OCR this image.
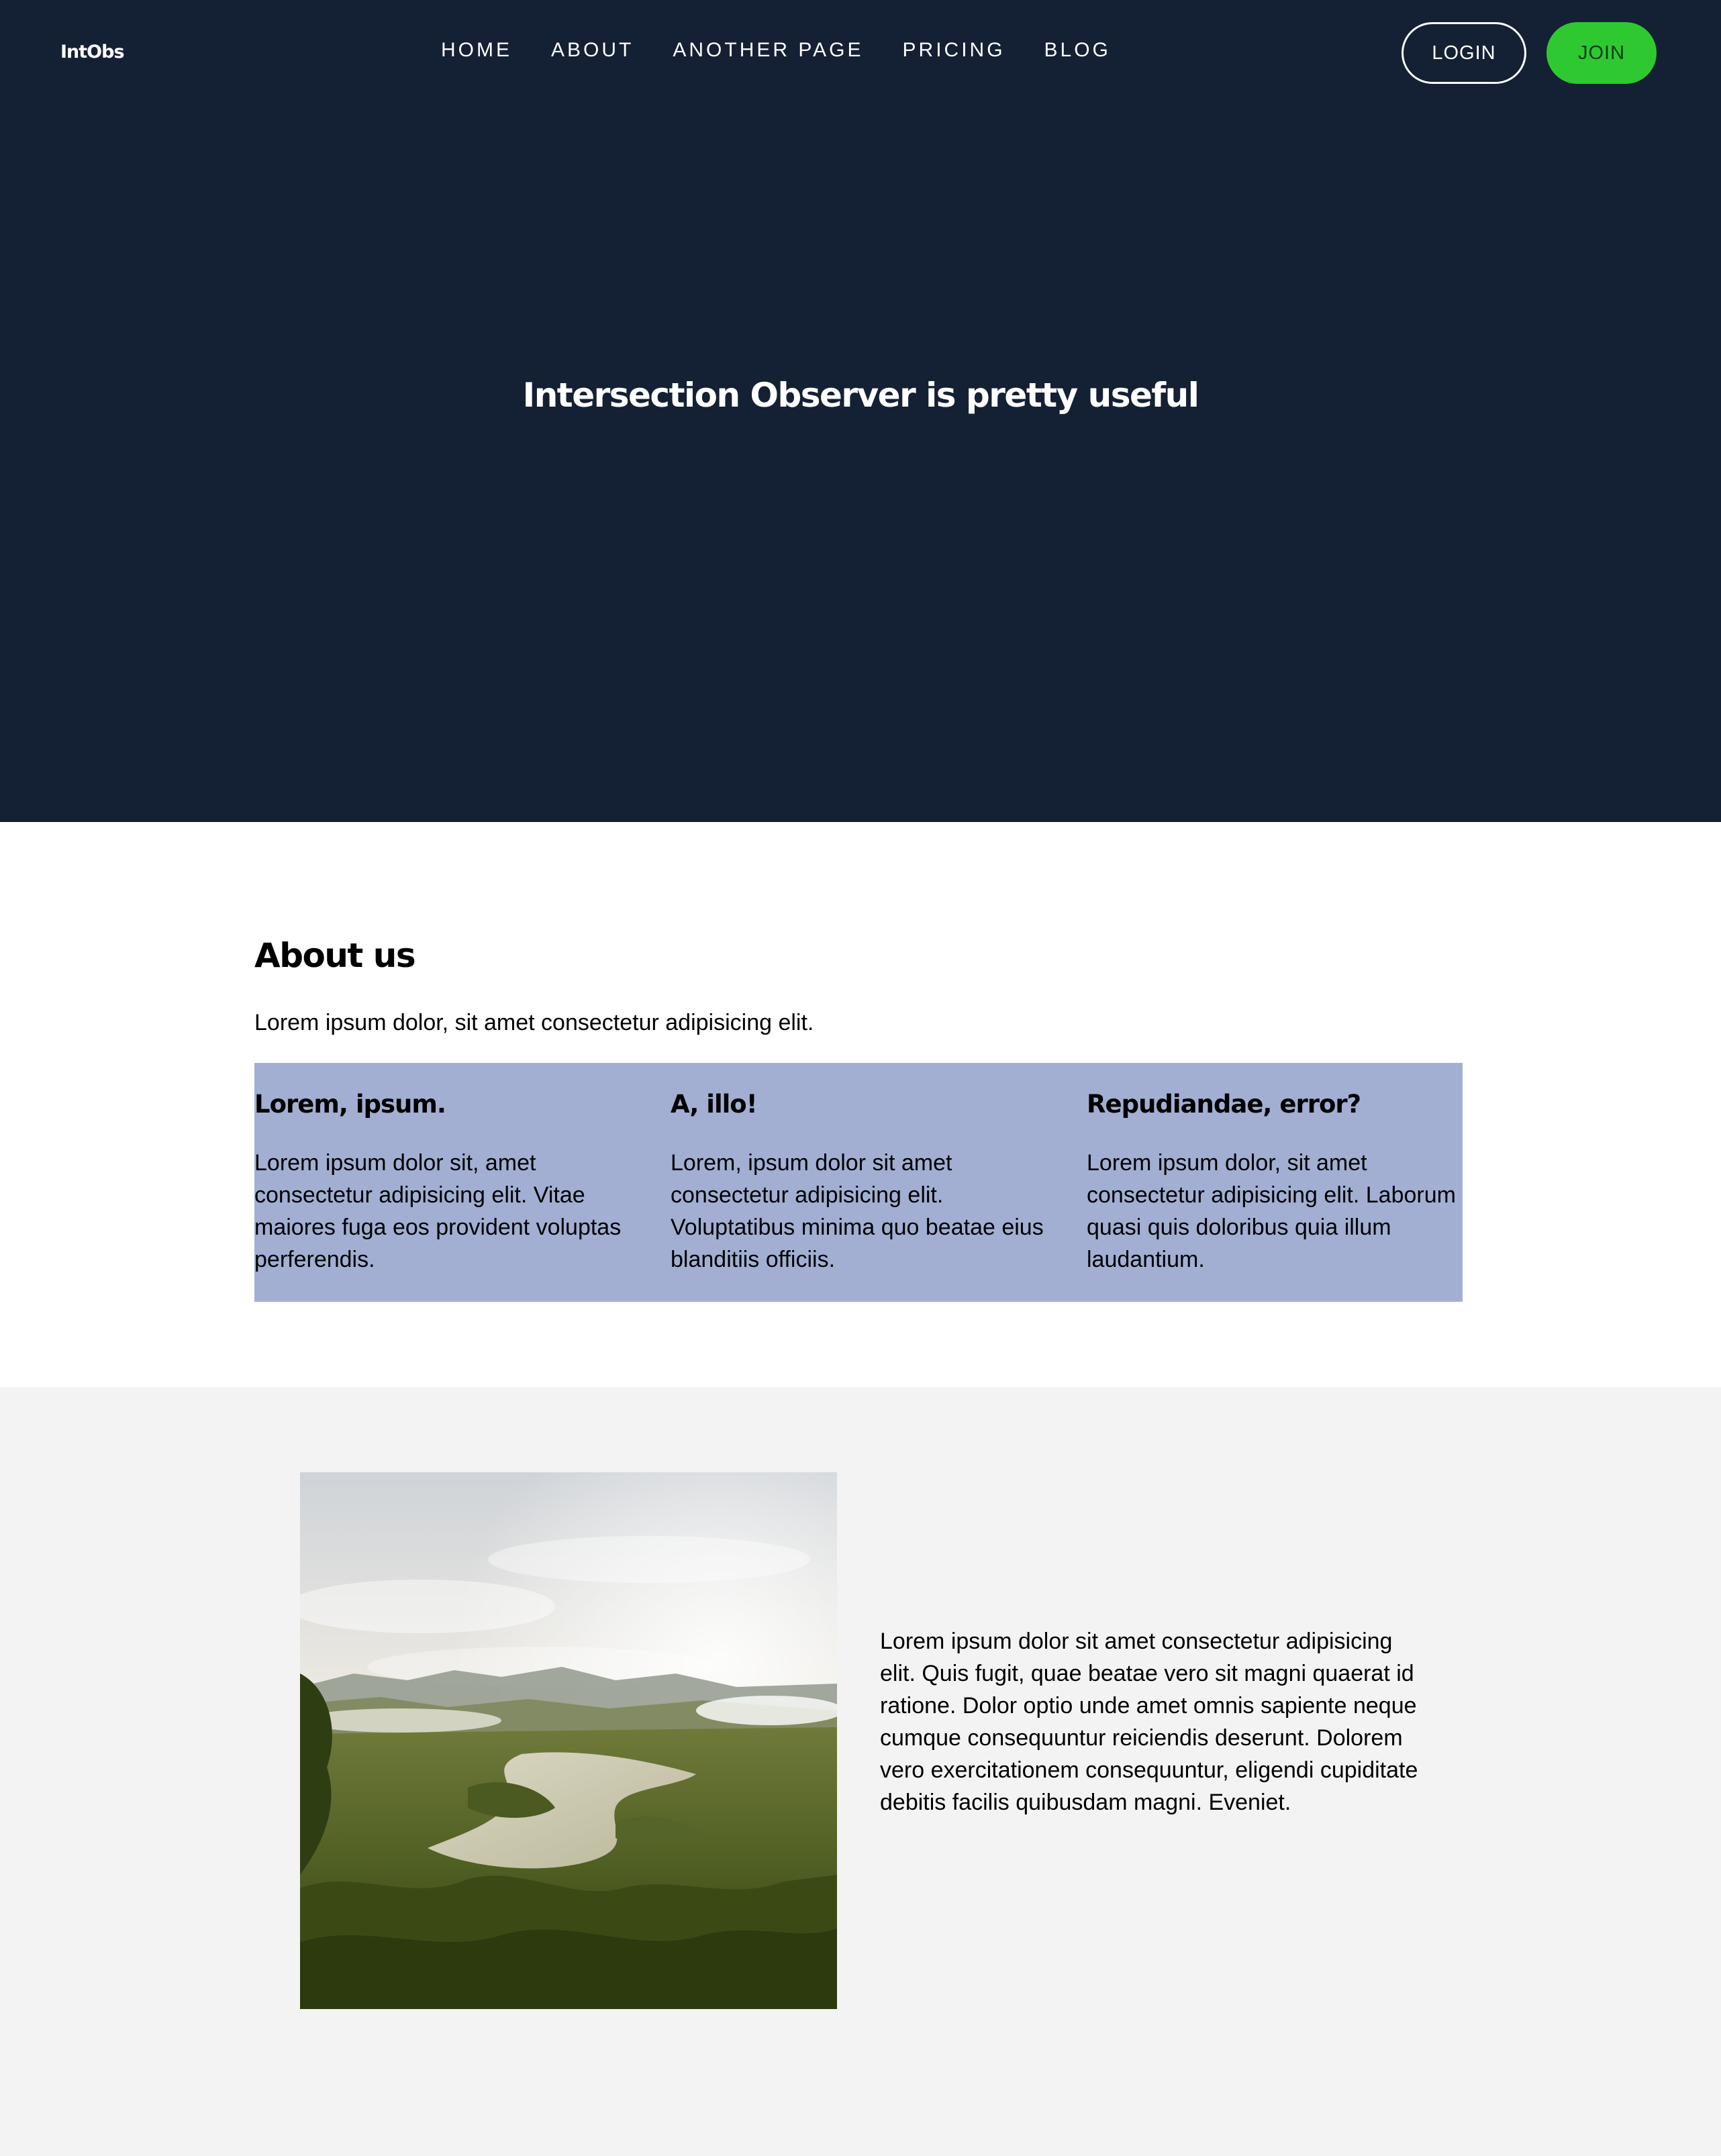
IntObs	HOME ABOUT ANOTHER PAGE PRICING BLOG	LOGIN	JOIN
Intersection Observer is pretty useful
About us

Lorem ipsum dolor, sit amet consectetur adipisicing elit.

Lorem, ipsum.

Lorem ipsum dolor sit, amet consectetur adipisicing elit. Vitae maiores fuga eos provident voluptas perferendis.

A, illo!

Lorem, ipsum dolor sit amet consectetur adipisicing elit. Voluptatibus minima quo beatae eius blanditiis officiis.

Repudiandae, error?

Lorem ipsum dolor, sit amet consectetur adipisicing elit. Laborum quasi quis doloribus quia illum laudantium.

Lorem ipsum dolor sit amet consectetur adipisicing elit. Quis fugit, quae beatae vero sit magni quaerat id ratione. Dolor optio unde amet omnis sapiente neque cumque consequuntur reiciendis deserunt. Dolorem vero exercitationem consequuntur, eligendi cupiditate debitis facilis quibusdam magni. Eveniet.
